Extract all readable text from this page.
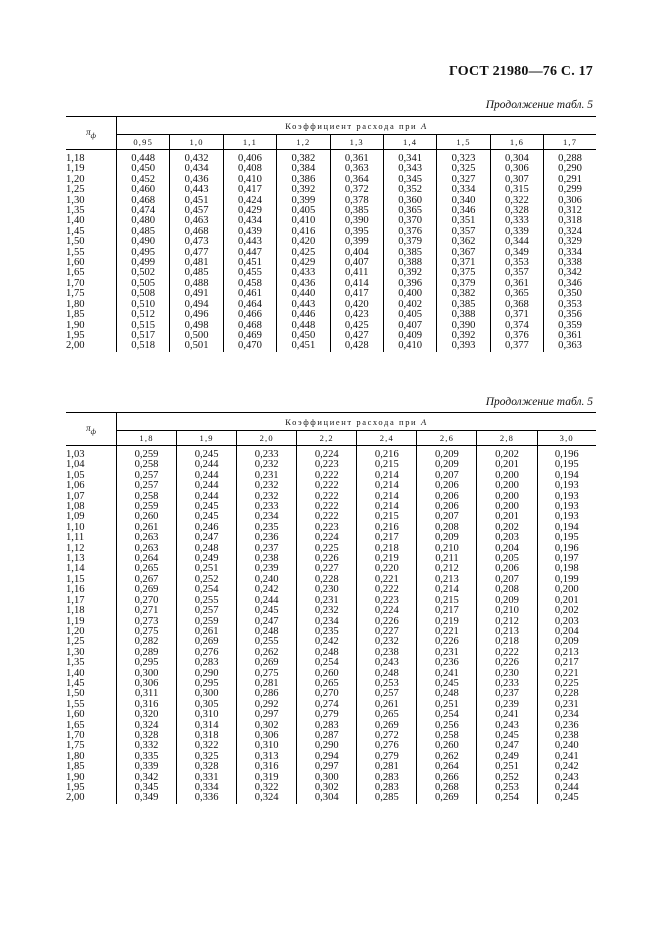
ГОСТ 21980—76 С. 17
Продолжение табл. 5
$\pi_ф$	Коэффициент расхода при A								
	0,95	1,0	1,1	1,2	1,3	1,4	1,5	1,6	1,7
1,18	0,448	0,432	0,406	0,382	0,361	0,341	0,323	0,304	0,288
1,19	0,450	0,434	0,408	0,384	0,363	0,343	0,325	0,306	0,290
1,20	0,452	0,436	0,410	0,386	0,364	0,345	0,327	0,307	0,291
1,25	0,460	0,443	0,417	0,392	0,372	0,352	0,334	0,315	0,299
1,30	0,468	0,451	0,424	0,399	0,378	0,360	0,340	0,322	0,306
1,35	0,474	0,457	0,429	0,405	0,385	0,365	0,346	0,328	0,312
1,40	0,480	0,463	0,434	0,410	0,390	0,370	0,351	0,333	0,318
1,45	0,485	0,468	0,439	0,416	0,395	0,376	0,357	0,339	0,324
1,50	0,490	0,473	0,443	0,420	0,399	0,379	0,362	0,344	0,329
1,55	0,495	0,477	0,447	0,425	0,404	0,385	0,367	0,349	0,334
1,60	0,499	0,481	0,451	0,429	0,407	0,388	0,371	0,353	0,338
1,65	0,502	0,485	0,455	0,433	0,411	0,392	0,375	0,357	0,342
1,70	0,505	0,488	0,458	0,436	0,414	0,396	0,379	0,361	0,346
1,75	0,508	0,491	0,461	0,440	0,417	0,400	0,382	0,365	0,350
1,80	0,510	0,494	0,464	0,443	0,420	0,402	0,385	0,368	0,353
1,85	0,512	0,496	0,466	0,446	0,423	0,405	0,388	0,371	0,356
1,90	0,515	0,498	0,468	0,448	0,425	0,407	0,390	0,374	0,359
1,95	0,517	0,500	0,469	0,450	0,427	0,409	0,392	0,376	0,361
2,00	0,518	0,501	0,470	0,451	0,428	0,410	0,393	0,377	0,363
Продолжение табл. 5
$\pi_ф$	Коэффициент расхода при A							
	1,8	1,9	2,0	2,2	2,4	2,6	2,8	3,0
1,03	0,259	0,245	0,233	0,224	0,216	0,209	0,202	0,196
1,04	0,258	0,244	0,232	0,223	0,215	0,209	0,201	0,195
1,05	0,257	0,244	0,231	0,222	0,214	0,207	0,200	0,194
1,06	0,257	0,244	0,232	0,222	0,214	0,206	0,200	0,193
1,07	0,258	0,244	0,232	0,222	0,214	0,206	0,200	0,193
1,08	0,259	0,245	0,233	0,222	0,214	0,206	0,200	0,193
1,09	0,260	0,245	0,234	0,222	0,215	0,207	0,201	0,193
1,10	0,261	0,246	0,235	0,223	0,216	0,208	0,202	0,194
1,11	0,263	0,247	0,236	0,224	0,217	0,209	0,203	0,195
1,12	0,263	0,248	0,237	0,225	0,218	0,210	0,204	0,196
1,13	0,264	0,249	0,238	0,226	0,219	0,211	0,205	0,197
1,14	0,265	0,251	0,239	0,227	0,220	0,212	0,206	0,198
1,15	0,267	0,252	0,240	0,228	0,221	0,213	0,207	0,199
1,16	0,269	0,254	0,242	0,230	0,222	0,214	0,208	0,200
1,17	0,270	0,255	0,244	0,231	0,223	0,215	0,209	0,201
1,18	0,271	0,257	0,245	0,232	0,224	0,217	0,210	0,202
1,19	0,273	0,259	0,247	0,234	0,226	0,219	0,212	0,203
1,20	0,275	0,261	0,248	0,235	0,227	0,221	0,213	0,204
1,25	0,282	0,269	0,255	0,242	0,232	0,226	0,218	0,209
1,30	0,289	0,276	0,262	0,248	0,238	0,231	0,222	0,213
1,35	0,295	0,283	0,269	0,254	0,243	0,236	0,226	0,217
1,40	0,300	0,290	0,275	0,260	0,248	0,241	0,230	0,221
1,45	0,306	0,295	0,281	0,265	0,253	0,245	0,233	0,225
1,50	0,311	0,300	0,286	0,270	0,257	0,248	0,237	0,228
1,55	0,316	0,305	0,292	0,274	0,261	0,251	0,239	0,231
1,60	0,320	0,310	0,297	0,279	0,265	0,254	0,241	0,234
1,65	0,324	0,314	0,302	0,283	0,269	0,256	0,243	0,236
1,70	0,328	0,318	0,306	0,287	0,272	0,258	0,245	0,238
1,75	0,332	0,322	0,310	0,290	0,276	0,260	0,247	0,240
1,80	0,335	0,325	0,313	0,294	0,279	0,262	0,249	0,241
1,85	0,339	0,328	0,316	0,297	0,281	0,264	0,251	0,242
1,90	0,342	0,331	0,319	0,300	0,283	0,266	0,252	0,243
1,95	0,345	0,334	0,322	0,302	0,283	0,268	0,253	0,244
2,00	0,349	0,336	0,324	0,304	0,285	0,269	0,254	0,245
